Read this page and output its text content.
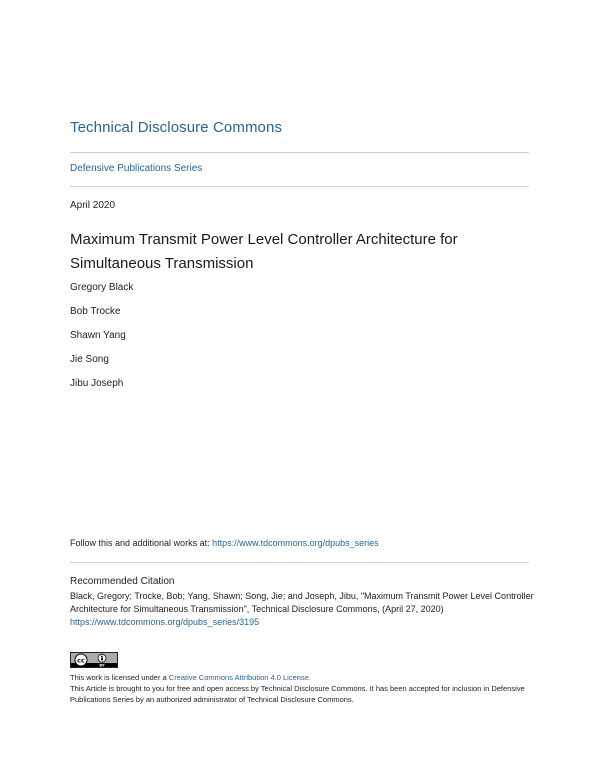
Technical Disclosure Commons
Defensive Publications Series
April 2020
Maximum Transmit Power Level Controller Architecture for Simultaneous Transmission
Gregory Black
Bob Trocke
Shawn Yang
Jie Song
Jibu Joseph
Follow this and additional works at: https://www.tdcommons.org/dpubs_series
Recommended Citation
Black, Gregory; Trocke, Bob; Yang, Shawn; Song, Jie; and Joseph, Jibu, "Maximum Transmit Power Level Controller Architecture for Simultaneous Transmission", Technical Disclosure Commons, (April 27, 2020)
https://www.tdcommons.org/dpubs_series/3195
cc
BY
This work is licensed under a Creative Commons Attribution 4.0 License.
This Article is brought to you for free and open access by Technical Disclosure Commons. It has been accepted for inclusion in Defensive Publications Series by an authorized administrator of Technical Disclosure Commons.
